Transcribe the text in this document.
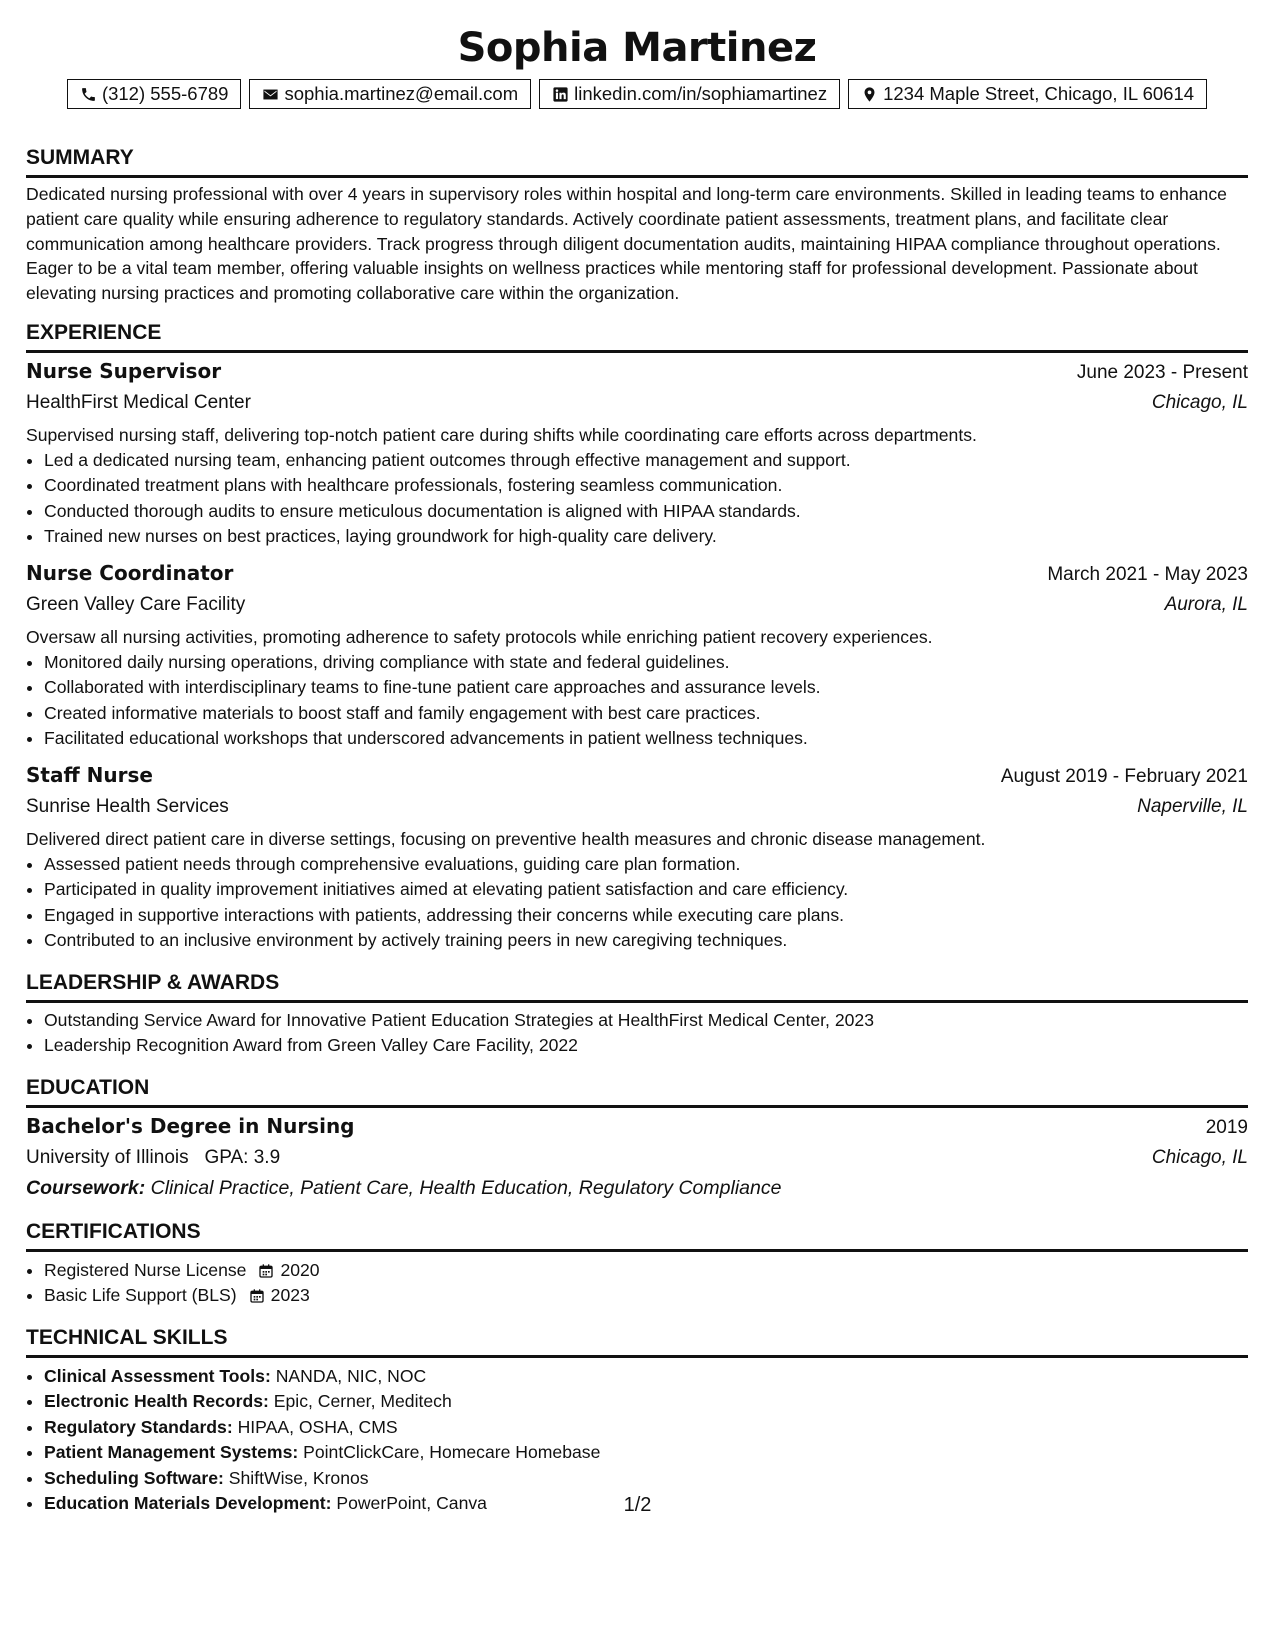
Sophia Martinez
(312) 555-6789	sophia.martinez@email.com	linkedin.com/in/sophiamartinez	1234 Maple Street, Chicago, IL 60614
SUMMARY

Dedicated nursing professional with over 4 years in supervisory roles within hospital and long-term care environments. Skilled in leading teams to enhance patient care quality while ensuring adherence to regulatory standards. Actively coordinate patient assessments, treatment plans, and facilitate clear communication among healthcare providers. Track progress through diligent documentation audits, maintaining HIPAA compliance throughout operations. Eager to be a vital team member, offering valuable insights on wellness practices while mentoring staff for professional development. Passionate about elevating nursing practices and promoting collaborative care within the organization.

EXPERIENCE
Nurse Supervisor	June 2023 - Present
HealthFirst Medical Center	Chicago, IL
Supervised nursing staff, delivering top-notch patient care during shifts while coordinating care efforts across departments.
• Led a dedicated nursing team, enhancing patient outcomes through effective management and support.
• Coordinated treatment plans with healthcare professionals, fostering seamless communication.
• Conducted thorough audits to ensure meticulous documentation is aligned with HIPAA standards.
• Trained new nurses on best practices, laying groundwork for high-quality care delivery.
Nurse Coordinator	March 2021 - May 2023
Green Valley Care Facility	Aurora, IL
Oversaw all nursing activities, promoting adherence to safety protocols while enriching patient recovery experiences.
• Monitored daily nursing operations, driving compliance with state and federal guidelines.
• Collaborated with interdisciplinary teams to fine-tune patient care approaches and assurance levels.
• Created informative materials to boost staff and family engagement with best care practices.
• Facilitated educational workshops that underscored advancements in patient wellness techniques.
Staff Nurse	August 2019 - February 2021
Sunrise Health Services	Naperville, IL
Delivered direct patient care in diverse settings, focusing on preventive health measures and chronic disease management.
• Assessed patient needs through comprehensive evaluations, guiding care plan formation.
• Participated in quality improvement initiatives aimed at elevating patient satisfaction and care efficiency.
• Engaged in supportive interactions with patients, addressing their concerns while executing care plans.
• Contributed to an inclusive environment by actively training peers in new caregiving techniques.
LEADERSHIP & AWARDS
• Outstanding Service Award for Innovative Patient Education Strategies at HealthFirst Medical Center, 2023
• Leadership Recognition Award from Green Valley Care Facility, 2022
EDUCATION
Bachelor's Degree in Nursing	2019
University of Illinois GPA: 3.9	Chicago, IL
Coursework: Clinical Practice, Patient Care, Health Education, Regulatory Compliance
CERTIFICATIONS
• Registered Nurse License 2020
• Basic Life Support (BLS) 2023
TECHNICAL SKILLS
• Clinical Assessment Tools: NANDA, NIC, NOC
• Electronic Health Records: Epic, Cerner, Meditech
• Regulatory Standards: HIPAA, OSHA, CMS
• Patient Management Systems: PointClickCare, Homecare Homebase
• Scheduling Software: ShiftWise, Kronos
• Education Materials Development: PowerPoint, Canva	1/2
